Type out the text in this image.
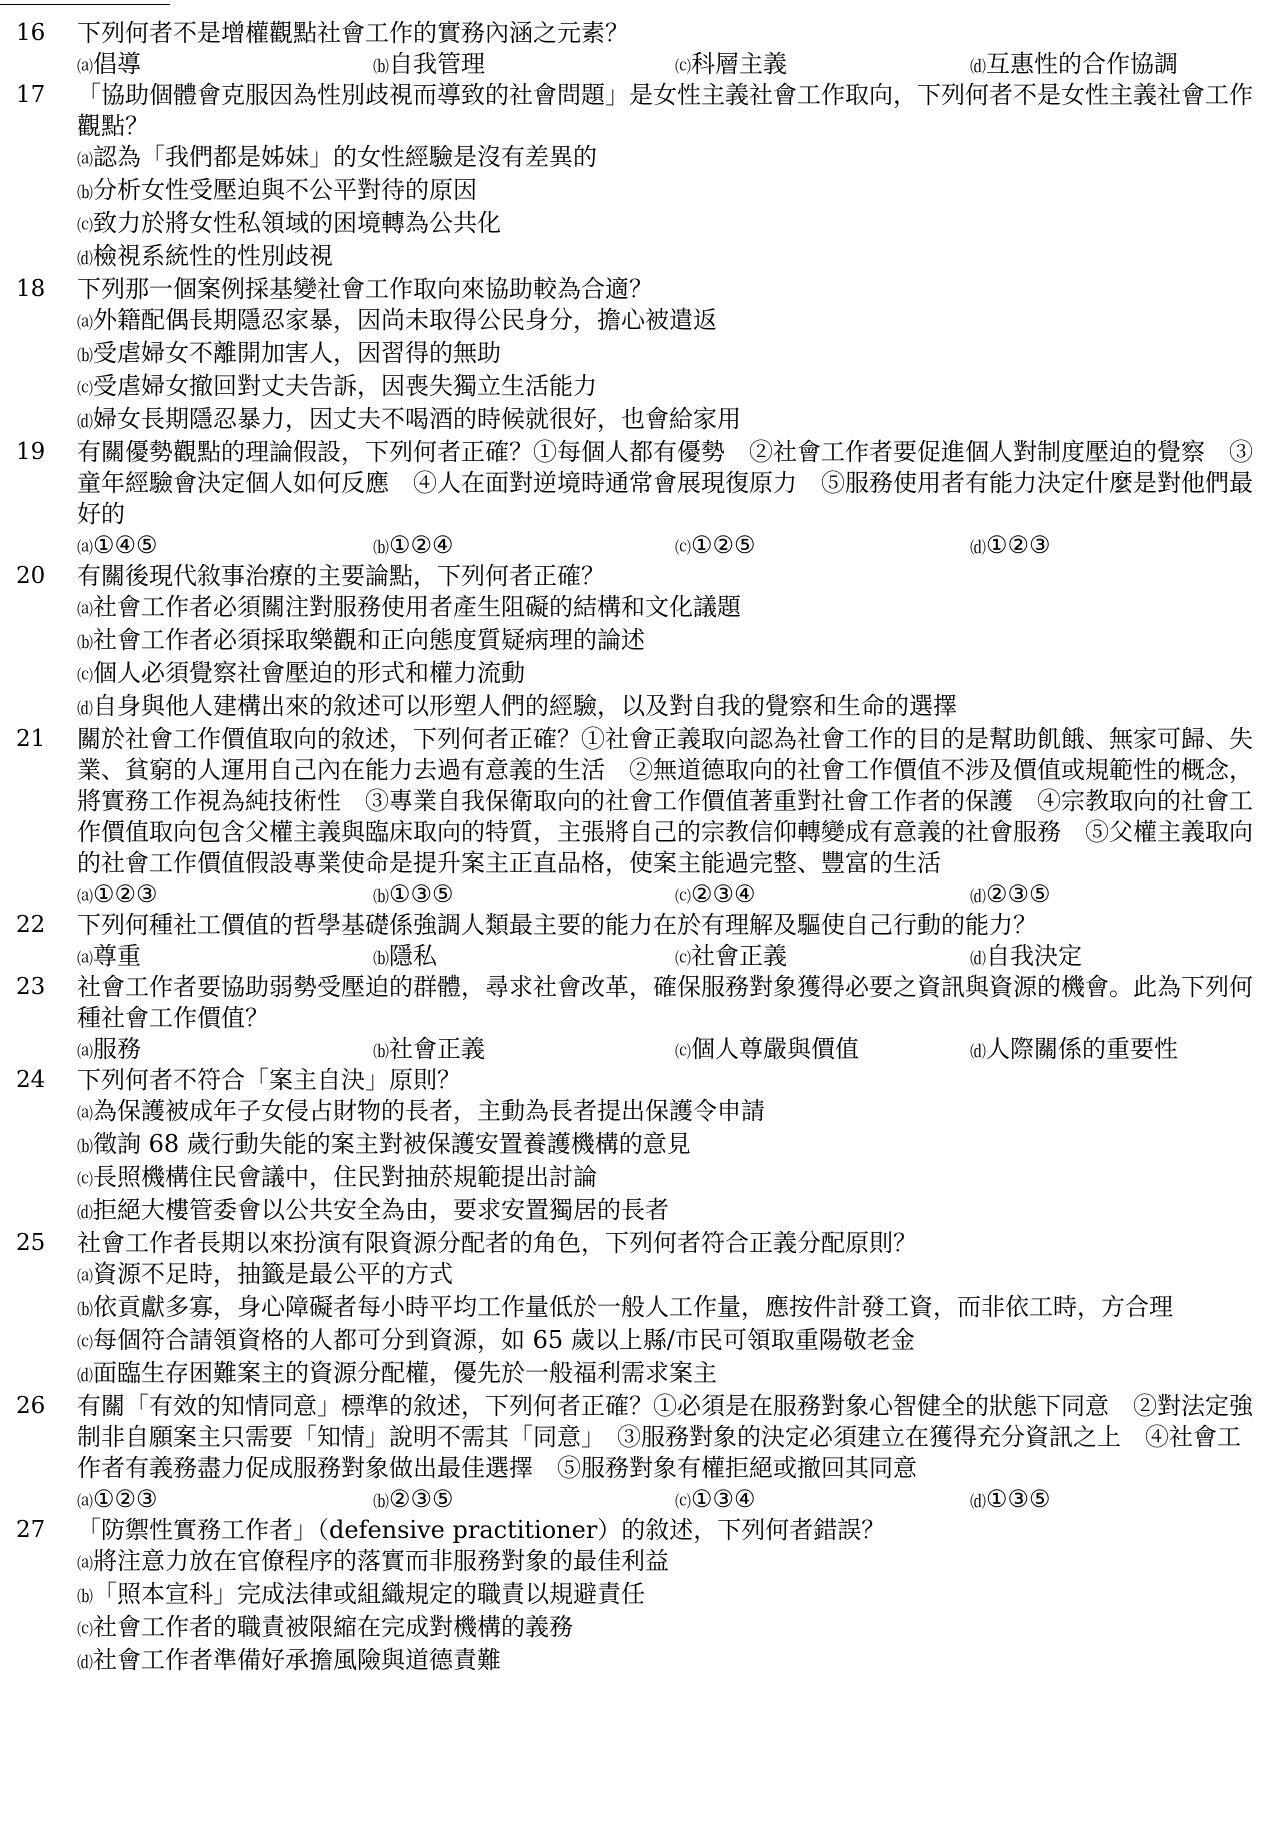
16	下列何者不是增權觀點社會工作的實務內涵之元素？
⒜倡導	⒝自我管理	⒞科層主義	⒟互惠性的合作協調
17	「協助個體會克服因為性別歧視而導致的社會問題」是女性主義社會工作取向，下列何者不是女性主義社會工作觀點？
⒜認為「我們都是姊妹」的女性經驗是沒有差異的
⒝分析女性受壓迫與不公平對待的原因
⒞致力於將女性私領域的困境轉為公共化
⒟檢視系統性的性別歧視
18	下列那一個案例採基變社會工作取向來協助較為合適？
⒜外籍配偶長期隱忍家暴，因尚未取得公民身分，擔心被遣返
⒝受虐婦女不離開加害人，因習得的無助
⒞受虐婦女撤回對丈夫告訴，因喪失獨立生活能力
⒟婦女長期隱忍暴力，因丈夫不喝酒的時候就很好，也會給家用
19	有關優勢觀點的理論假設，下列何者正確？①每個人都有優勢　②社會工作者要促進個人對制度壓迫的覺察　③童年經驗會決定個人如何反應　④人在面對逆境時通常會展現復原力　⑤服務使用者有能力決定什麼是對他們最好的
⒜①④⑤	⒝①②④	⒞①②⑤	⒟①②③
20	有關後現代敘事治療的主要論點，下列何者正確？
⒜社會工作者必須關注對服務使用者產生阻礙的結構和文化議題
⒝社會工作者必須採取樂觀和正向態度質疑病理的論述
⒞個人必須覺察社會壓迫的形式和權力流動
⒟自身與他人建構出來的敘述可以形塑人們的經驗，以及對自我的覺察和生命的選擇
21	關於社會工作價值取向的敘述，下列何者正確？①社會正義取向認為社會工作的目的是幫助飢餓、無家可歸、失業、貧窮的人運用自己內在能力去過有意義的生活　②無道德取向的社會工作價值不涉及價值或規範性的概念，將實務工作視為純技術性　③專業自我保衛取向的社會工作價值著重對社會工作者的保護　④宗教取向的社會工作價值取向包含父權主義與臨床取向的特質，主張將自己的宗教信仰轉變成有意義的社會服務　⑤父權主義取向的社會工作價值假設專業使命是提升案主正直品格，使案主能過完整、豐富的生活
⒜①②③	⒝①③⑤	⒞②③④	⒟②③⑤
22	下列何種社工價值的哲學基礎係強調人類最主要的能力在於有理解及驅使自己行動的能力？
⒜尊重	⒝隱私	⒞社會正義	⒟自我決定
23	社會工作者要協助弱勢受壓迫的群體，尋求社會改革，確保服務對象獲得必要之資訊與資源的機會。此為下列何種社會工作價值？
⒜服務	⒝社會正義	⒞個人尊嚴與價值	⒟人際關係的重要性
24	下列何者不符合「案主自決」原則？
⒜為保護被成年子女侵占財物的長者，主動為長者提出保護令申請
⒝徵詢 68 歲行動失能的案主對被保護安置養護機構的意見
⒞長照機構住民會議中，住民對抽菸規範提出討論
⒟拒絕大樓管委會以公共安全為由，要求安置獨居的長者
25	社會工作者長期以來扮演有限資源分配者的角色，下列何者符合正義分配原則？
⒜資源不足時，抽籤是最公平的方式
⒝依貢獻多寡，身心障礙者每小時平均工作量低於一般人工作量，應按件計發工資，而非依工時，方合理
⒞每個符合請領資格的人都可分到資源，如 65 歲以上縣/市民可領取重陽敬老金
⒟面臨生存困難案主的資源分配權，優先於一般福利需求案主
26	有關「有效的知情同意」標準的敘述，下列何者正確？①必須是在服務對象心智健全的狀態下同意　②對法定強制非自願案主只需要「知情」說明不需其「同意」　③服務對象的決定必須建立在獲得充分資訊之上　④社會工作者有義務盡力促成服務對象做出最佳選擇　⑤服務對象有權拒絕或撤回其同意
⒜①②③	⒝②③⑤	⒞①③④	⒟①③⑤
27	「防禦性實務工作者」（defensive practitioner）的敘述，下列何者錯誤？
⒜將注意力放在官僚程序的落實而非服務對象的最佳利益
⒝「照本宣科」完成法律或組織規定的職責以規避責任
⒞社會工作者的職責被限縮在完成對機構的義務
⒟社會工作者準備好承擔風險與道德責難
